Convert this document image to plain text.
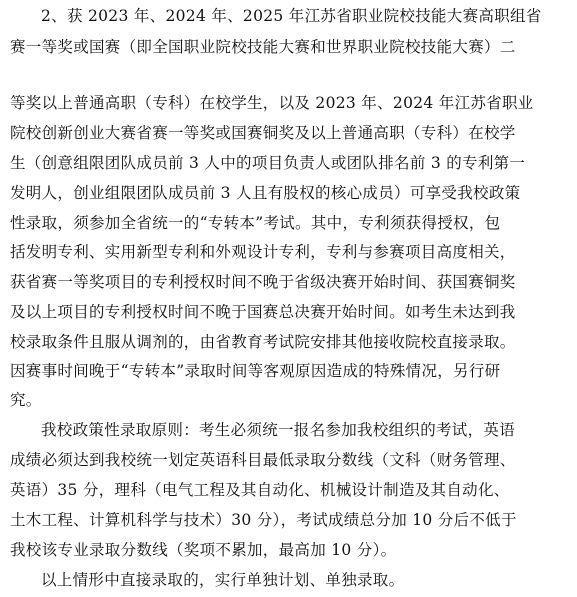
2、获 2023 年、2024 年、2025 年江苏省职业院校技能大赛高职组省
赛一等奖或国赛（即全国职业院校技能大赛和世界职业院校技能大赛）二
等奖以上普通高职（专科）在校学生，以及 2023 年、2024 年江苏省职业
院校创新创业大赛省赛一等奖或国赛铜奖及以上普通高职（专科）在校学
生（创意组限团队成员前 3 人中的项目负责人或团队排名前 3 的专利第一
发明人，创业组限团队成员前 3 人且有股权的核心成员）可享受我校政策
性录取，须参加全省统一的“专转本”考试。其中，专利须获得授权，包
括发明专利、实用新型专利和外观设计专利，专利与参赛项目高度相关，
获省赛一等奖项目的专利授权时间不晚于省级决赛开始时间、获国赛铜奖
及以上项目的专利授权时间不晚于国赛总决赛开始时间。如考生未达到我
校录取条件且服从调剂的，由省教育考试院安排其他接收院校直接录取。
因赛事时间晚于“专转本”录取时间等客观原因造成的特殊情况，另行研
究。
我校政策性录取原则：考生必须统一报名参加我校组织的考试，英语
成绩必须达到我校统一划定英语科目最低录取分数线（文科（财务管理、
英语）35 分，理科（电气工程及其自动化、机械设计制造及其自动化、
土木工程、计算机科学与技术）30 分），考试成绩总分加 10 分后不低于
我校该专业录取分数线（奖项不累加，最高加 10 分）。
以上情形中直接录取的，实行单独计划、单独录取。
